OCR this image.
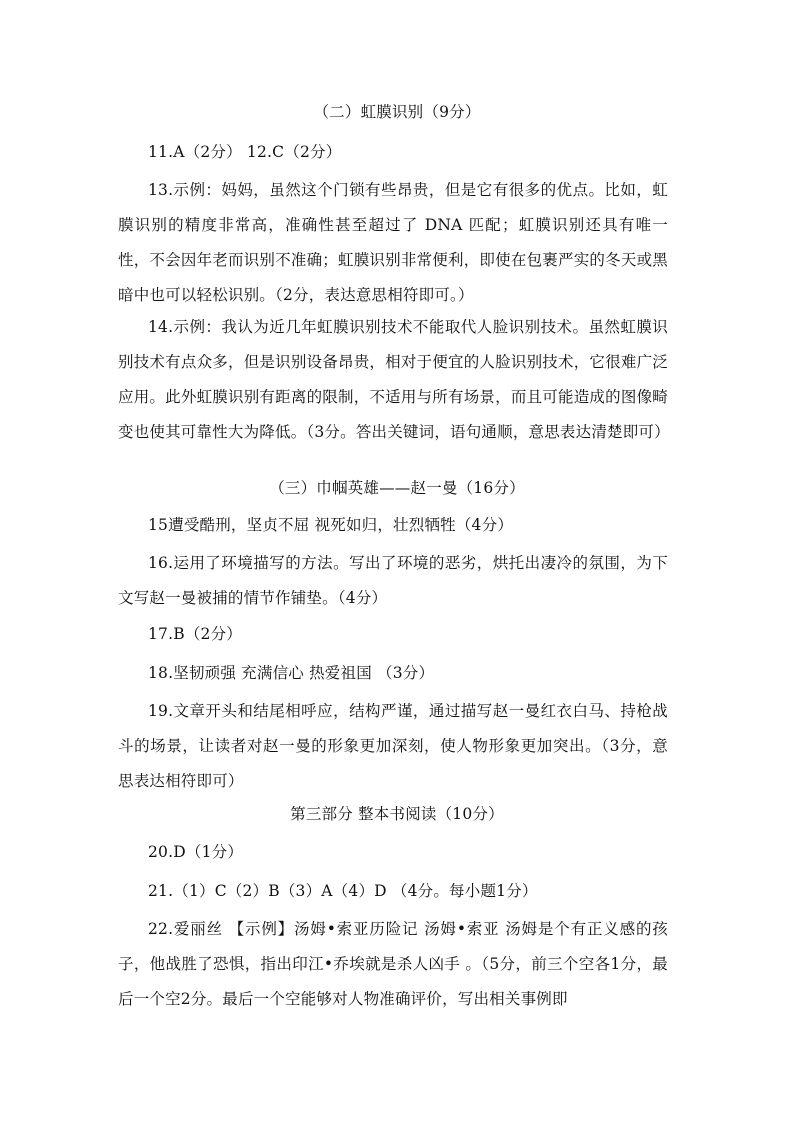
（二）虹膜识别（9分）
11.A（2分） 12.C（2分）
13.示例：妈妈，虽然这个门锁有些昂贵，但是它有很多的优点。比如，虹膜识别的精度非常高，准确性甚至超过了 DNA 匹配；虹膜识别还具有唯一性，不会因年老而识别不准确；虹膜识别非常便利，即使在包裹严实的冬天或黑暗中也可以轻松识别。（2分，表达意思相符即可。）
14.示例：我认为近几年虹膜识别技术不能取代人脸识别技术。虽然虹膜识别技术有点众多，但是识别设备昂贵，相对于便宜的人脸识别技术，它很难广泛应用。此外虹膜识别有距离的限制，不适用与所有场景，而且可能造成的图像畸变也使其可靠性大为降低。（3分。答出关键词，语句通顺，意思表达清楚即可）
（三）巾帼英雄——赵一曼（16分）
15遭受酷刑，坚贞不屈 视死如归，壮烈牺牲（4分）
16.运用了环境描写的方法。写出了环境的恶劣，烘托出凄冷的氛围，为下文写赵一曼被捕的情节作铺垫。（4分）
17.B（2分）
18.坚韧顽强 充满信心 热爱祖国 （3分）
19.文章开头和结尾相呼应，结构严谨，通过描写赵一曼红衣白马、持枪战斗的场景，让读者对赵一曼的形象更加深刻，使人物形象更加突出。（3分，意思表达相符即可）
第三部分 整本书阅读（10分）
20.D（1分）
21.（1）C（2）B（3）A（4）D （4分。每小题1分）
22.爱丽丝 【示例】汤姆•索亚历险记 汤姆•索亚 汤姆是个有正义感的孩子，他战胜了恐惧，指出印江•乔埃就是杀人凶手 。（5分，前三个空各1分，最后一个空2分。最后一个空能够对人物准确评价，写出相关事例即
